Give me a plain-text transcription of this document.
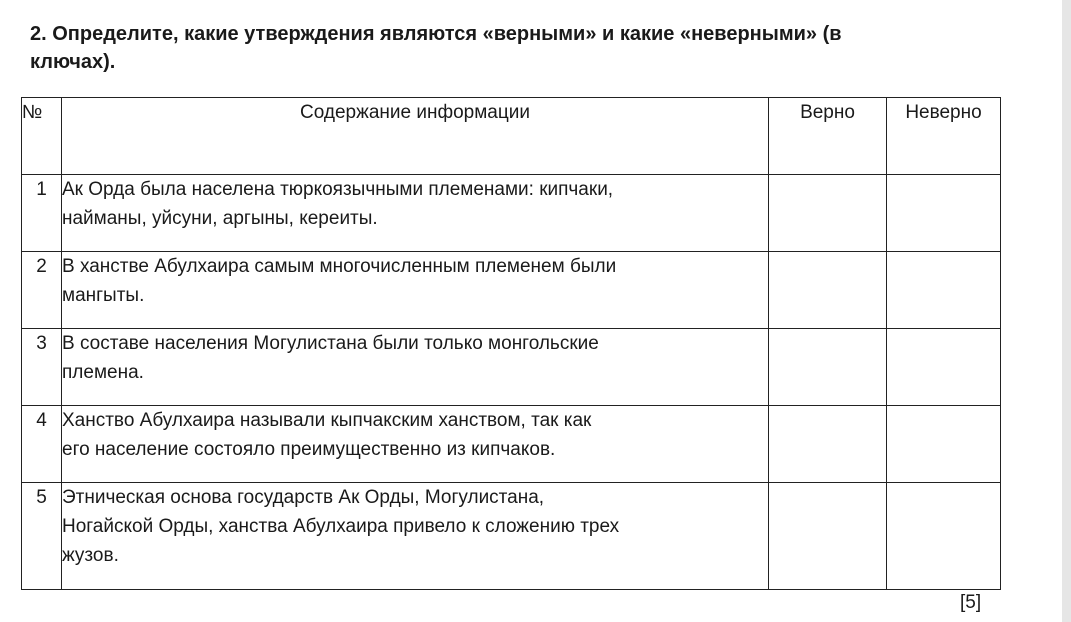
2. Определите, какие утверждения являются «верными» и какие «неверными» (в
ключах).
№	Содержание информации	Верно	Неверно
1	Ак Орда была населена тюркоязычными племенами: кипчаки,
найманы, уйсуни, аргыны, кереиты.		

2	В ханстве Абулхаира самым многочисленным племенем были
мангыты.		

3	В составе населения Могулистана были только монгольские
племена.		

4	Ханство Абулхаира называли кыпчакским ханством, так как
его население состояло преимущественно из кипчаков.		

5	Этническая основа государств Ак Орды, Могулистана,
Ногайской Орды, ханства Абулхаира привело к сложению трех
жузов.		

[5]
